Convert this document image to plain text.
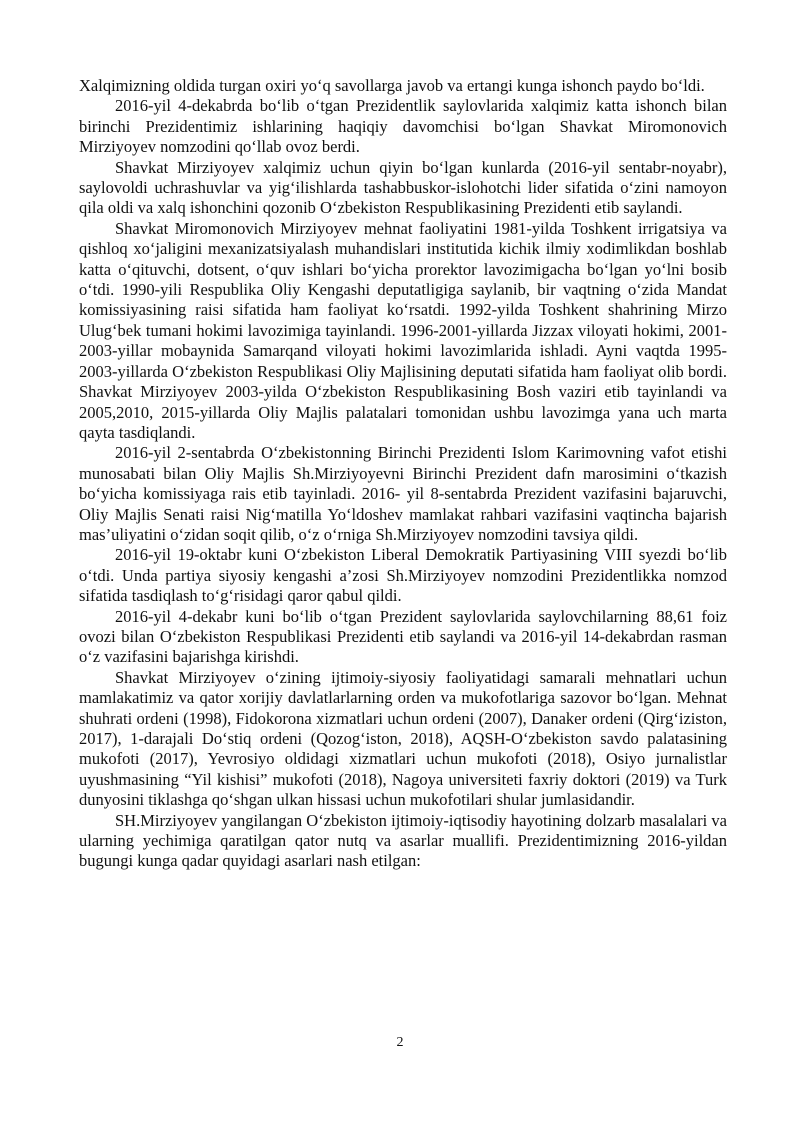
Xalqimizning oldida turgan oxiri yo‘q savollarga javob va ertangi kunga ishonch paydo bo‘ldi.

2016-yil 4-dekabrda bo‘lib o‘tgan Prezidentlik saylovlarida xalqimiz katta ishonch bilan birinchi Prezidentimiz ishlarining haqiqiy davomchisi bo‘lgan Shavkat Miromonovich Mirziyoyev nomzodini qo‘llab ovoz berdi.

Shavkat Mirziyoyev xalqimiz uchun qiyin bo‘lgan kunlarda (2016-yil sentabr-noyabr), saylovoldi uchrashuvlar va yig‘ilishlarda tashabbuskor-islohotchi lider sifatida o‘zini namoyon qila oldi va xalq ishonchini qozonib O‘zbekiston Respublikasining Prezidenti etib saylandi.

Shavkat Miromonovich Mirziyoyev mehnat faoliyatini 1981-yilda Toshkent irrigatsiya va qishloq xo‘jaligini mexanizatsiyalash muhandislari institutida kichik ilmiy xodimlikdan boshlab katta o‘qituvchi, dotsent, o‘quv ishlari bo‘yicha prorektor lavozimigacha bo‘lgan yo‘lni bosib o‘tdi. 1990-yili Respublika Oliy Kengashi deputatligiga saylanib, bir vaqtning o‘zida Mandat komissiyasining raisi sifatida ham faoliyat ko‘rsatdi. 1992-yilda Toshkent shahrining Mirzo Ulug‘bek tumani hokimi lavozimiga tayinlandi. 1996-2001-yillarda Jizzax viloyati hokimi, 2001-2003-yillar mobaynida Samarqand viloyati hokimi lavozimlarida ishladi. Ayni vaqtda 1995- 2003-yillarda O‘zbekiston Respublikasi Oliy Majlisining deputati sifatida ham faoliyat olib bordi. Shavkat Mirziyoyev 2003-yilda O‘zbekiston Respublikasining Bosh vaziri etib tayinlandi va 2005,2010, 2015-yillarda Oliy Majlis palatalari tomonidan ushbu lavozimga yana uch marta qayta tasdiqlandi.

2016-yil 2-sentabrda O‘zbekistonning Birinchi Prezidenti Islom Karimovning vafot etishi munosabati bilan Oliy Majlis Sh.Mirziyoyevni Birinchi Prezident dafn marosimini o‘tkazish bo‘yicha komissiyaga rais etib tayinladi. 2016- yil 8-sentabrda Prezident vazifasini bajaruvchi, Oliy Majlis Senati raisi Nig‘matilla Yo‘ldoshev mamlakat rahbari vazifasini vaqtincha bajarish mas’uliyatini o‘zidan soqit qilib, o‘z o‘rniga Sh.Mirziyoyev nomzodini tavsiya qildi.

2016-yil 19-oktabr kuni O‘zbekiston Liberal Demokratik Partiyasining VIII syezdi bo‘lib o‘tdi. Unda partiya siyosiy kengashi a’zosi Sh.Mirziyoyev nomzodini Prezidentlikka nomzod sifatida tasdiqlash to‘g‘risidagi qaror qabul qildi.

2016-yil 4-dekabr kuni bo‘lib o‘tgan Prezident saylovlarida saylovchilarning 88,61 foiz ovozi bilan O‘zbekiston Respublikasi Prezidenti etib saylandi va 2016-yil 14-dekabrdan rasman o‘z vazifasini bajarishga kirishdi.

Shavkat Mirziyoyev o‘zining ijtimoiy-siyosiy faoliyatidagi samarali mehnatlari uchun mamlakatimiz va qator xorijiy davlatlarlarning orden va mukofotlariga sazovor bo‘lgan. Mehnat shuhrati ordeni (1998), Fidokorona xizmatlari uchun ordeni (2007), Danaker ordeni (Qirg‘iziston, 2017), 1-darajali Do‘stiq ordeni (Qozog‘iston, 2018), AQSH-O‘zbekiston savdo palatasining mukofoti (2017), Yevrosiyo oldidagi xizmatlari uchun mukofoti (2018), Osiyo jurnalistlar uyushmasining “Yil kishisi” mukofoti (2018), Nagoya universiteti faxriy doktori (2019) va Turk dunyosini tiklashga qo‘shgan ulkan hissasi uchun mukofotilari shular jumlasidandir.

SH.Mirziyoyev yangilangan O‘zbekiston ijtimoiy-iqtisodiy hayotining dolzarb masalalari va ularning yechimiga qaratilgan qator nutq va asarlar muallifi. Prezidentimizning 2016-yildan bugungi kunga qadar quyidagi asarlari nash etilgan:

2
